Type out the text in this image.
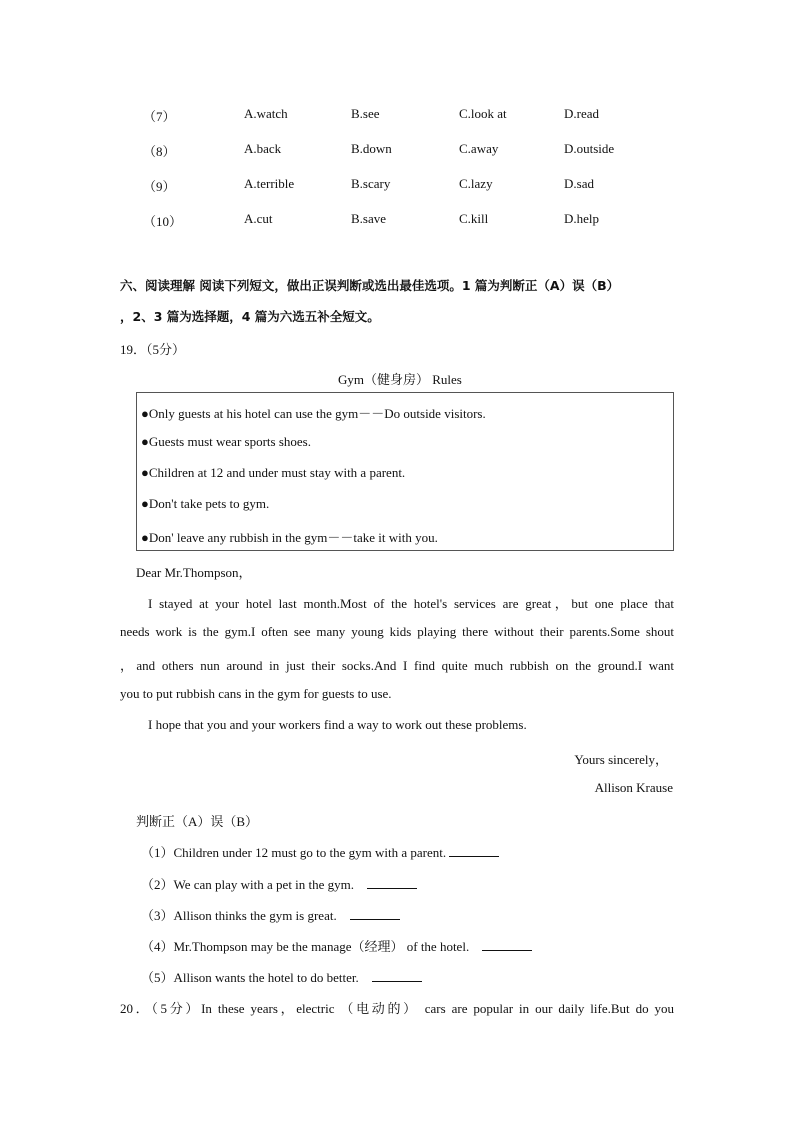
（7）	A.watch	B.see	C.look at	D.read
（8）	A.back	B.down	C.away	D.outside
（9）	A.terrible	B.scary	C.lazy	D.sad
（10）	A.cut	B.save	C.kill	D.help
六、阅读理解 阅读下列短文，做出正误判断或选出最佳选项。1 篇为判断正（A）误（B）
，2、3 篇为选择题，4 篇为六选五补全短文。
19．（5分）
Gym（健身房） Rules
●Only guests at his hotel can use the gym－－Do outside visitors.
●Guests must wear sports shoes.
●Children at 12 and under must stay with a parent.
●Don't take pets to gym.
●Don' leave any rubbish in the gym－－take it with you.
Dear Mr.Thompson，
I stayed at your hotel last month.Most of the hotel's services are great，but one place that
needs work is the gym.I often see many young kids playing there without their parents.Some shout
，and others nun around in just their socks.And I find quite much rubbish on the ground.I want
you to put rubbish cans in the gym for guests to use.
I hope that you and your workers find a way to work out these problems.
Yours sincerely，
Allison Krause
判断正（A）误（B）
（1）Children under 12 must go to the gym with a parent.
（2）We can play with a pet in the gym.
（3）Allison thinks the gym is great.
（4）Mr.Thompson may be the manage（经理） of the hotel.
（5）Allison wants the hotel to do better.
20．（5分）In these years，electric （电动的） cars are popular in our daily life.But do you
